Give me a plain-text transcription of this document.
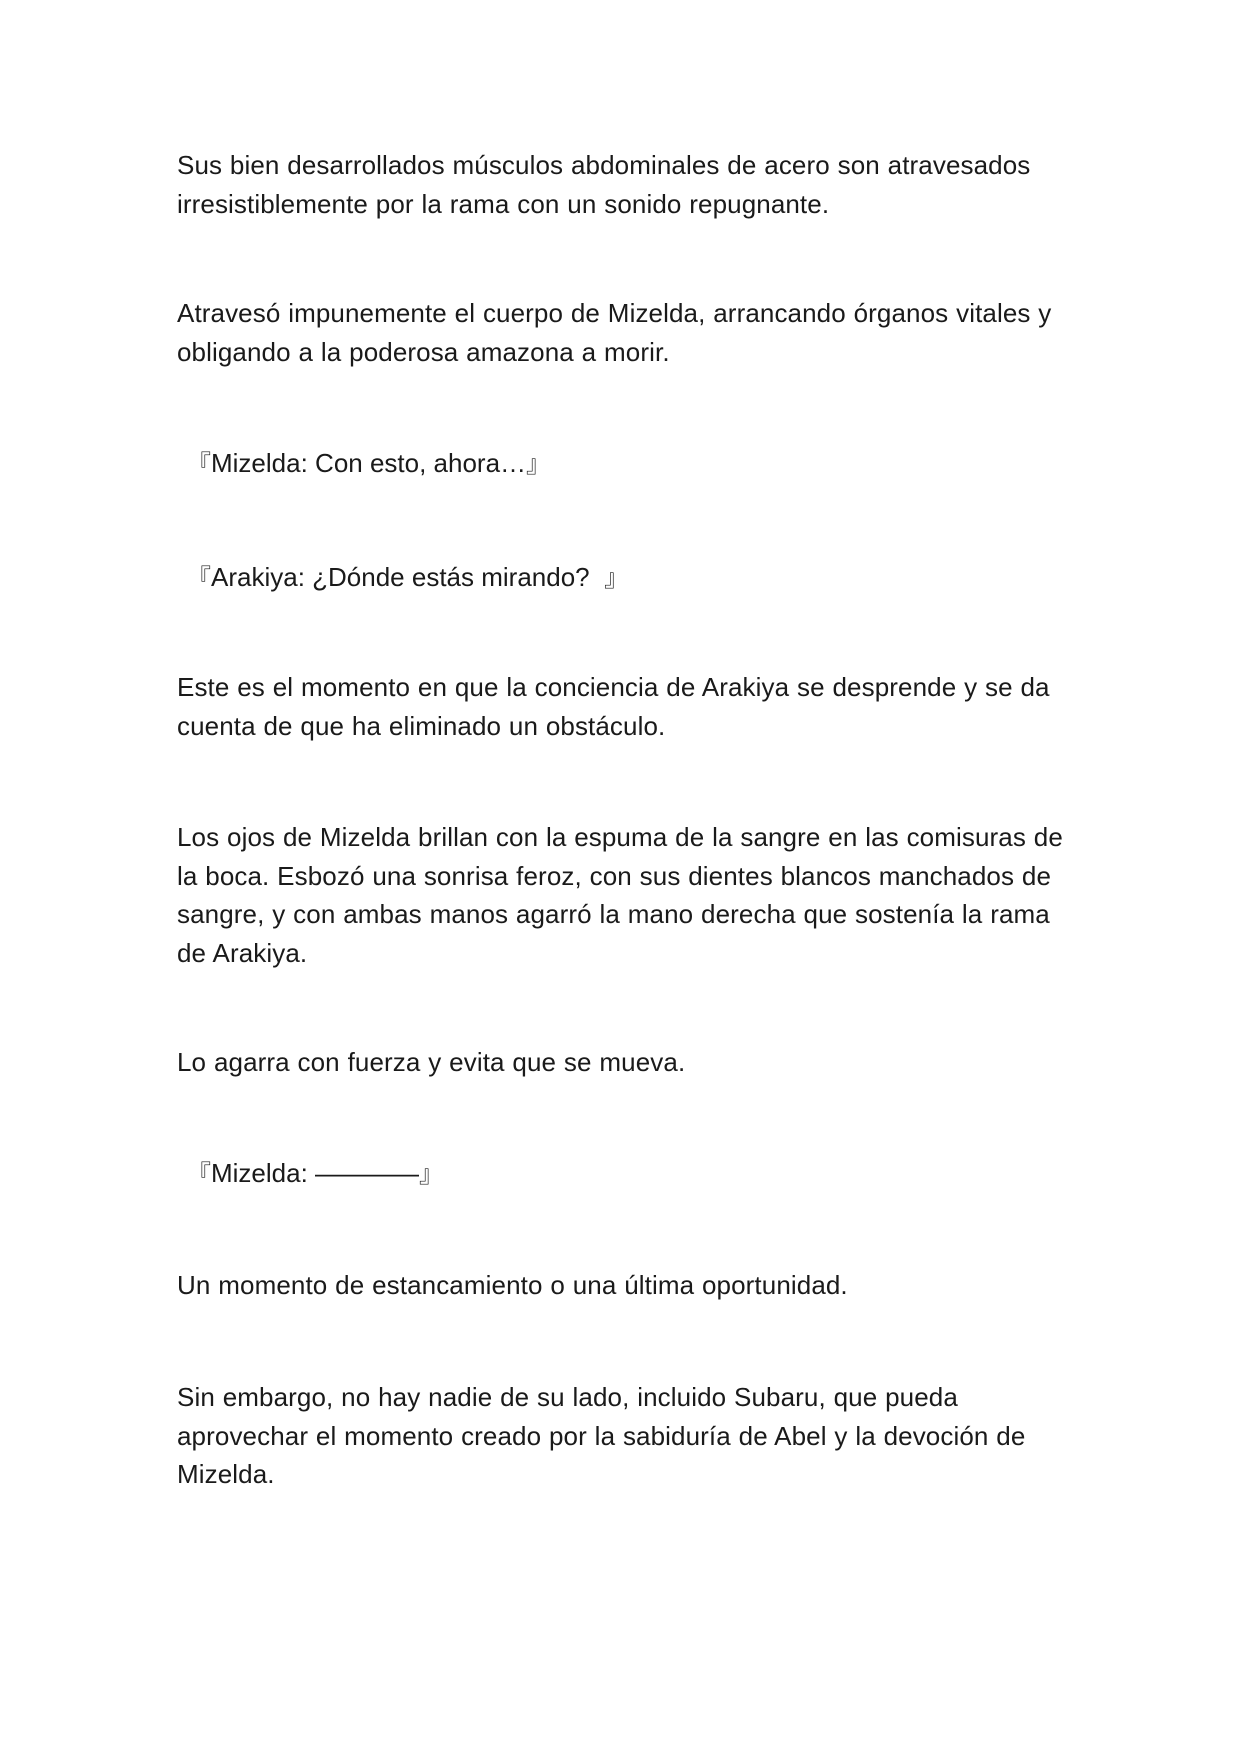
Sus bien desarrollados músculos abdominales de acero son atravesados irresistiblemente por la rama con un sonido repugnante.

Atravesó impunemente el cuerpo de Mizelda, arrancando órganos vitales y obligando a la poderosa amazona a morir.

『Mizelda: Con esto, ahora…』

『Arakiya: ¿Dónde estás mirando?  』

Este es el momento en que la conciencia de Arakiya se desprende y se da cuenta de que ha eliminado un obstáculo.

Los ojos de Mizelda brillan con la espuma de la sangre en las comisuras de la boca. Esbozó una sonrisa feroz, con sus dientes blancos manchados de sangre, y con ambas manos agarró la mano derecha que sostenía la rama de Arakiya.

Lo agarra con fuerza y evita que se mueva.

『Mizelda: ————』

Un momento de estancamiento o una última oportunidad.

Sin embargo, no hay nadie de su lado, incluido Subaru, que pueda aprovechar el momento creado por la sabiduría de Abel y la devoción de Mizelda.
